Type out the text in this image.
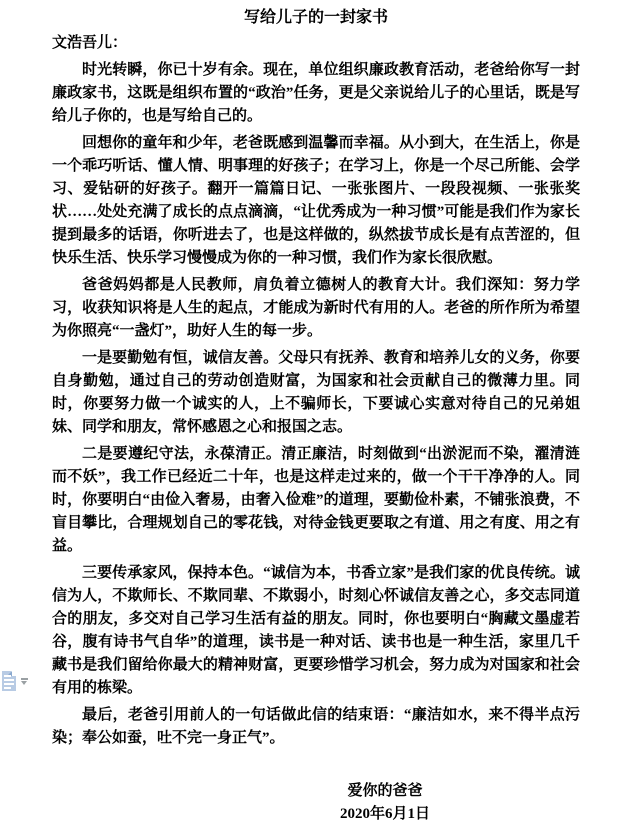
写给儿子的一封家书

文浩吾儿：

时光转瞬，你已十岁有余。现在，单位组织廉政教育活动，老爸给你写一封廉政家书，这既是组织布置的“政治”任务，更是父亲说给儿子的心里话，既是写给儿子你的，也是写给自己的。

回想你的童年和少年，老爸既感到温馨而幸福。从小到大，在生活上，你是一个乖巧听话、懂人情、明事理的好孩子；在学习上，你是一个尽己所能、会学习、爱钻研的好孩子。翻开一篇篇日记、一张张图片、一段段视频、一张张奖状……处处充满了成长的点点滴滴，“让优秀成为一种习惯”可能是我们作为家长提到最多的话语，你听进去了，也是这样做的，纵然拔节成长是有点苦涩的，但快乐生活、快乐学习慢慢成为你的一种习惯，我们作为家长很欣慰。

爸爸妈妈都是人民教师，肩负着立德树人的教育大计。我们深知：努力学习，收获知识将是人生的起点，才能成为新时代有用的人。老爸的所作所为希望为你照亮“一盏灯”，助好人生的每一步。

一是要勤勉有恒，诚信友善。父母只有抚养、教育和培养儿女的义务，你要自身勤勉，通过自己的劳动创造财富，为国家和社会贡献自己的微薄力里。同时，你要努力做一个诚实的人，上不骗师长，下要诚心实意对待自己的兄弟姐妹、同学和朋友，常怀感恩之心和报国之志。

二是要遵纪守法，永葆清正。清正廉洁，时刻做到“出淤泥而不染，濯清涟而不妖”，我工作已经近二十年，也是这样走过来的，做一个干干净净的人。同时，你要明白“由俭入奢易，由奢入俭难”的道理，要勤俭朴素，不铺张浪费，不盲目攀比，合理规划自己的零花钱，对待金钱更要取之有道、用之有度、用之有益。

三要传承家风，保持本色。“诚信为本，书香立家”是我们家的优良传统。诚信为人，不欺师长、不欺同辈、不欺弱小，时刻心怀诚信友善之心，多交志同道合的朋友，多交对自己学习生活有益的朋友。同时，你也要明白“胸藏文墨虚若谷，腹有诗书气自华”的道理，读书是一种对话、读书也是一种生活，家里几千藏书是我们留给你最大的精神财富，更要珍惜学习机会，努力成为对国家和社会有用的栋梁。

最后，老爸引用前人的一句话做此信的结束语：“廉洁如水，来不得半点污染；奉公如蚕，吐不完一身正气”。

爱你的爸爸

2020年6月1日
